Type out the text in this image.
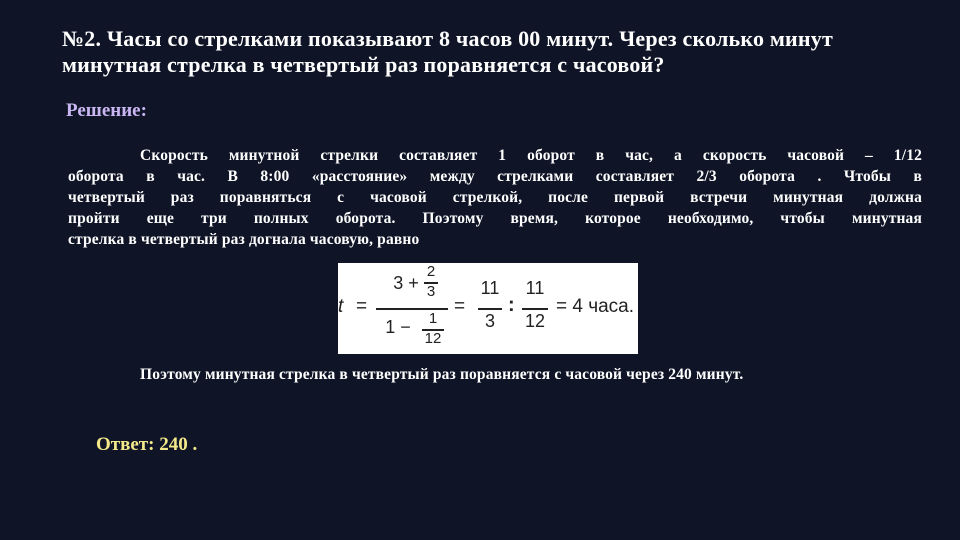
№2. Часы со стрелками показывают 8 часов 00 минут. Через сколько минут
минутная стрелка в четвертый раз поравняется с часовой?
Решение:
Скорость минутной стрелки составляет 1 оборот в час, а скорость часовой – 1/12
оборота в час. В 8:00 «расстояние» между стрелками составляет 2/3 оборота . Чтобы в
четвертый раз поравняться с часовой стрелкой, после первой встречи минутная должна
пройти еще три полных оборота. Поэтому время, которое необходимо, чтобы минутная
стрелка в четвертый раз догнала часовую, равно
t =
3 +
2
3
1 −	1
12
=
11
3
:
11
12
= 4 часа.
Поэтому минутная стрелка в четвертый раз поравняется с часовой через 240 минут.
Ответ: 240 .
